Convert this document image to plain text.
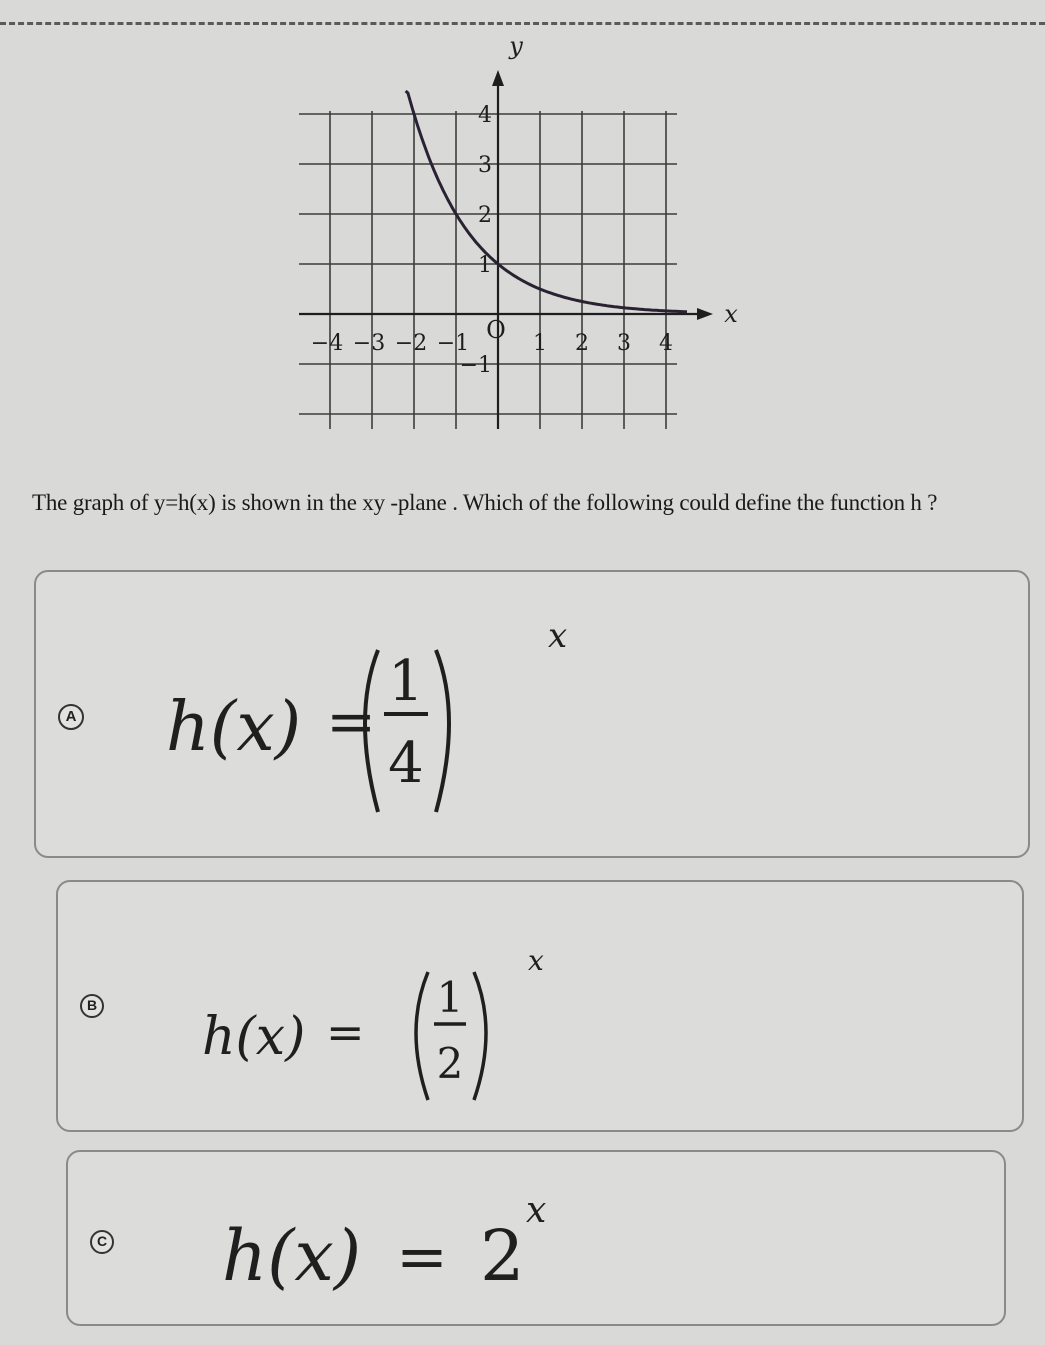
y
x
O
−4 −3 −2 −1	1 2 3 4
4
3
2
1
−1
The graph of y=h(x) is shown in the xy -plane . Which of the following could define the function h ?
A h(x) =
1
4
x
B
h(x) =
1
2
x
C h(x) = 2
x
